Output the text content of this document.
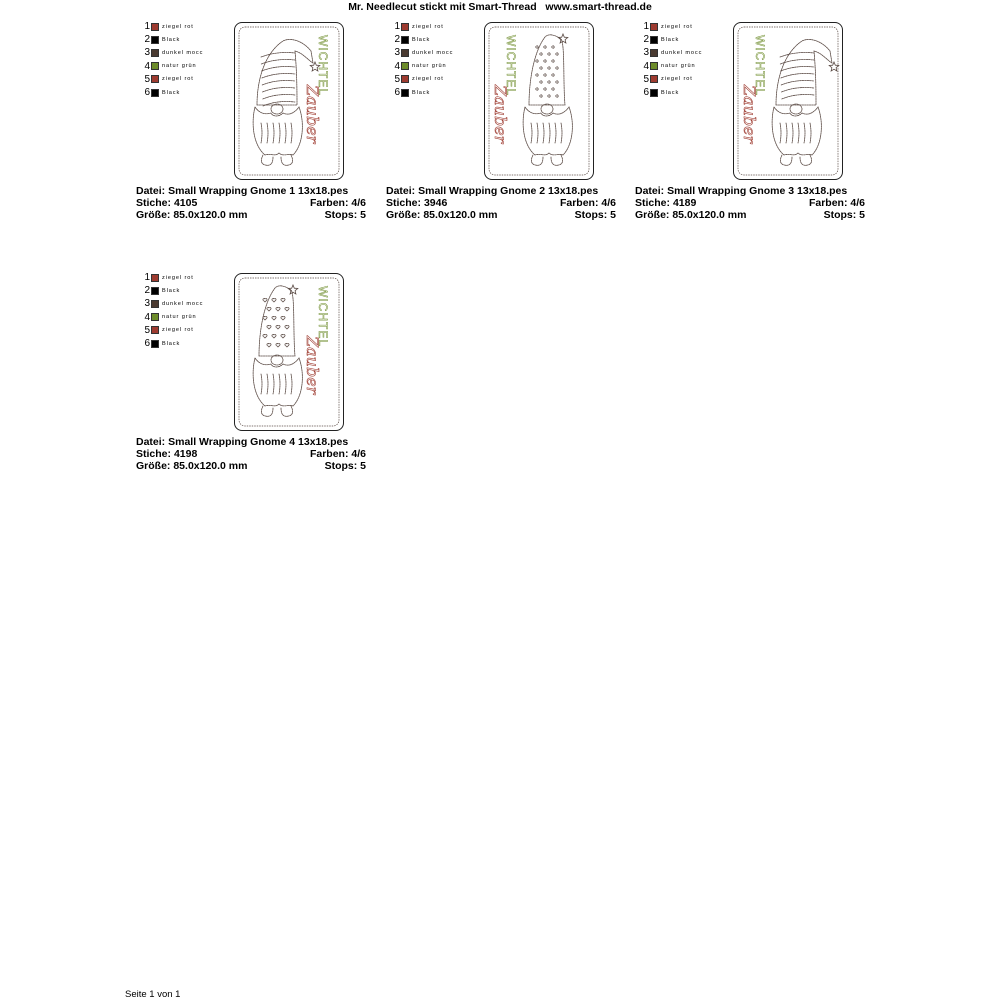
Mr. Needlecut stickt mit Smart-Thread   www.smart-thread.de
1 ziegel rot
2 Black
3 dunkel mocc
4 natur grün
5 ziegel rot
6 Black	WICHTEL
Zauber
Datei: Small Wrapping Gnome 1 13x18.pes
Stiche: 4105	Farben: 4/6
Größe: 85.0x120.0 mm	Stops: 5
1 ziegel rot
2 Black
3 dunkel mocc
4 natur grün
5 ziegel rot
6 Black	WICHTEL
Zauber
Datei: Small Wrapping Gnome 2 13x18.pes
Stiche: 3946	Farben: 4/6
Größe: 85.0x120.0 mm	Stops: 5
1 ziegel rot
2 Black
3 dunkel mocc
4 natur grün
5 ziegel rot
6 Black	WICHTEL
Zauber
Datei: Small Wrapping Gnome 3 13x18.pes
Stiche: 4189	Farben: 4/6
Größe: 85.0x120.0 mm	Stops: 5
1 ziegel rot
2 Black
3 dunkel mocc
4 natur grün
5 ziegel rot
6 Black	WICHTEL
Zauber
Datei: Small Wrapping Gnome 4 13x18.pes
Stiche: 4198	Farben: 4/6
Größe: 85.0x120.0 mm	Stops: 5
Seite 1 von 1
